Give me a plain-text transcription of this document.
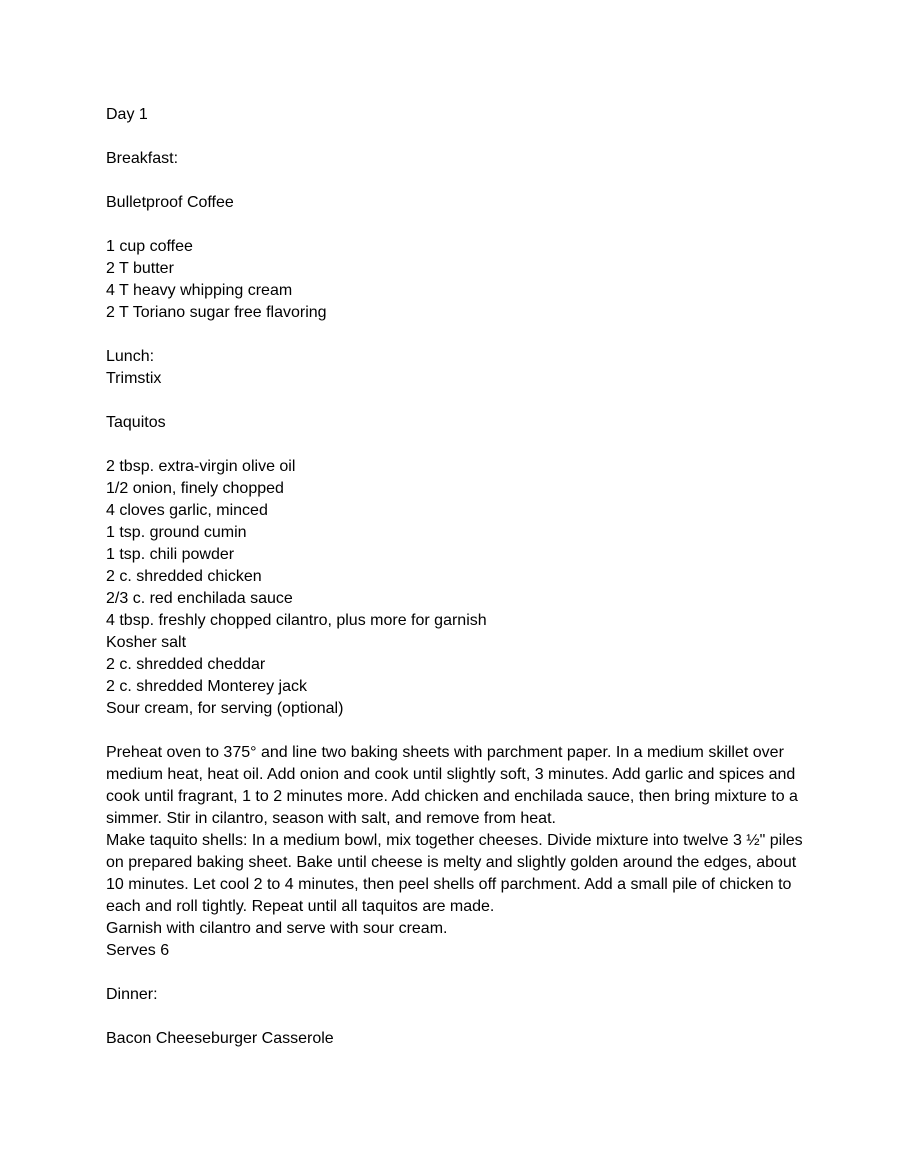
Day 1
Breakfast:
Bulletproof Coffee
1 cup coffee
2 T butter
4 T heavy whipping cream
2 T Toriano sugar free flavoring
Lunch:
Trimstix
Taquitos
2 tbsp. extra-virgin olive oil
1/2 onion, finely chopped
4 cloves garlic, minced
1 tsp. ground cumin
1 tsp. chili powder
2 c. shredded chicken
2/3 c. red enchilada sauce
4 tbsp. freshly chopped cilantro, plus more for garnish
Kosher salt
2 c. shredded cheddar
2 c. shredded Monterey jack
Sour cream, for serving (optional)
Preheat oven to 375° and line two baking sheets with parchment paper. In a medium skillet over medium heat, heat oil. Add onion and cook until slightly soft, 3 minutes. Add garlic and spices and cook until fragrant, 1 to 2 minutes more. Add chicken and enchilada sauce, then bring mixture to a simmer. Stir in cilantro, season with salt, and remove from heat.
Make taquito shells: In a medium bowl, mix together cheeses. Divide mixture into twelve 3 ½" piles on prepared baking sheet. Bake until cheese is melty and slightly golden around the edges, about 10 minutes. Let cool 2 to 4 minutes, then peel shells off parchment. Add a small pile of chicken to each and roll tightly. Repeat until all taquitos are made.
Garnish with cilantro and serve with sour cream.
Serves 6
Dinner:
Bacon Cheeseburger Casserole
